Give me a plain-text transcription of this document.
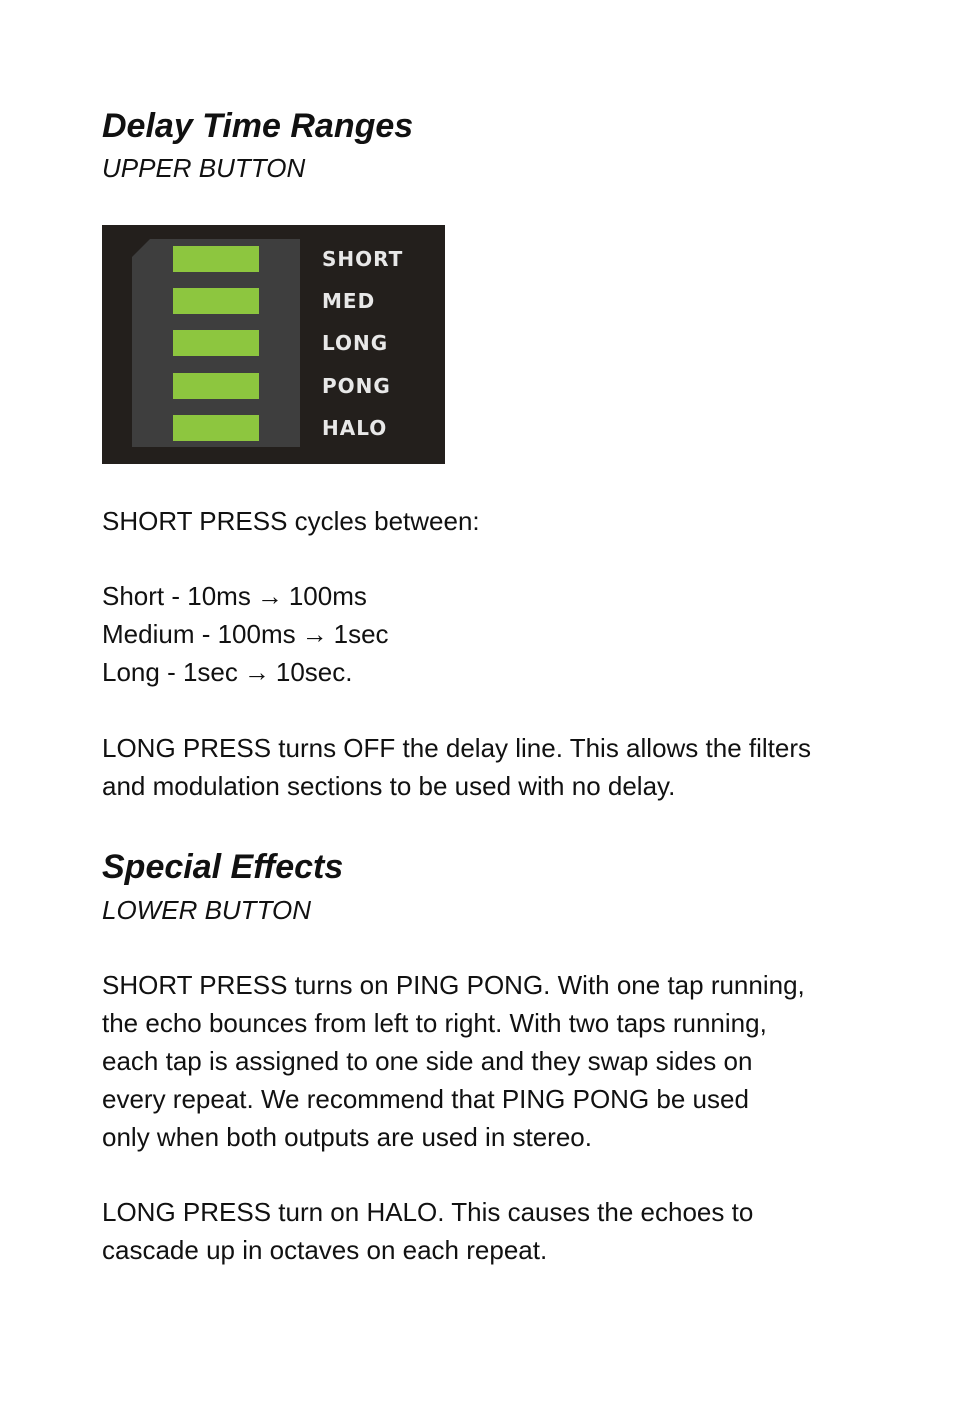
Delay Time Ranges
UPPER BUTTON
SHORT
MED
LONG
PONG
HALO
SHORT PRESS cycles between:
Short - 10ms → 100ms
Medium - 100ms → 1sec
Long - 1sec → 10sec.
LONG PRESS turns OFF the delay line. This allows the filters
and modulation sections to be used with no delay.
Special Effects
LOWER BUTTON
SHORT PRESS turns on PING PONG. With one tap running,
the echo bounces from left to right. With two taps running,
each tap is assigned to one side and they swap sides on
every repeat. We recommend that PING PONG be used
only when both outputs are used in stereo.
LONG PRESS turn on HALO. This causes the echoes to
cascade up in octaves on each repeat.
